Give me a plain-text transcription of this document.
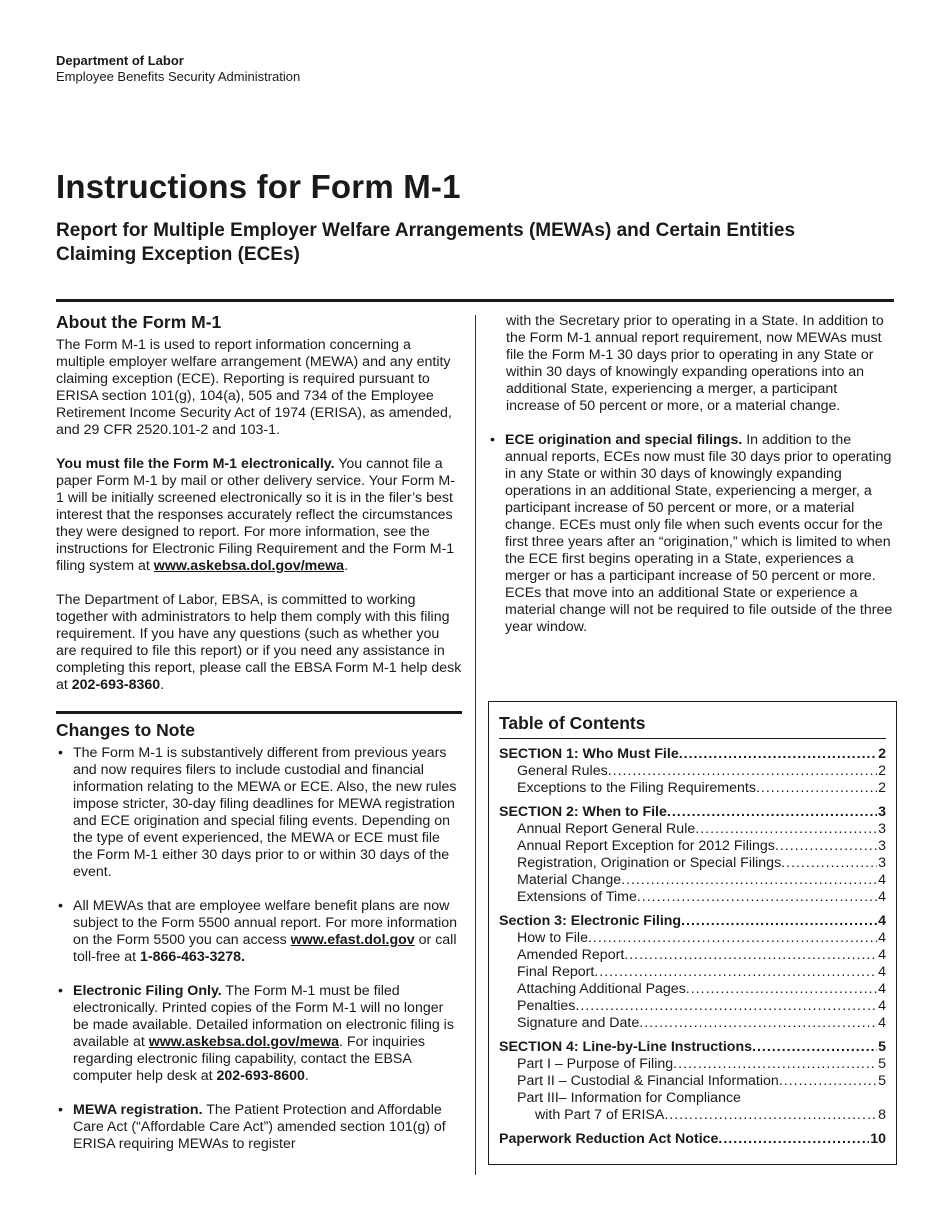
Department of Labor
Employee Benefits Security Administration
Instructions for Form M-1
Report for Multiple Employer Welfare Arrangements (MEWAs) and Certain Entities Claiming Exception (ECEs)
About the Form M-1

The Form M-1 is used to report information concerning a multiple employer welfare arrangement (MEWA) and any entity claiming exception (ECE). Reporting is required pursuant to ERISA section 101(g), 104(a), 505 and 734 of the Employee Retirement Income Security Act of 1974 (ERISA), as amended, and 29 CFR 2520.101-2 and 103-1.

You must file the Form M-1 electronically. You cannot file a paper Form M-1 by mail or other delivery service. Your Form M-1 will be initially screened electronically so it is in the filer’s best interest that the responses accurately reflect the circumstances they were designed to report. For more information, see the instructions for Electronic Filing Requirement and the Form M-1 filing system at www.askebsa.dol.gov/mewa.

The Department of Labor, EBSA, is committed to working together with administrators to help them comply with this filing requirement. If you have any questions (such as whether you are required to file this report) or if you need any assistance in completing this report, please call the EBSA Form M-1 help desk at 202-693-8360.

Changes to Note
• The Form M-1 is substantively different from previous years and now requires filers to include custodial and financial information relating to the MEWA or ECE. Also, the new rules impose stricter, 30-day filing deadlines for MEWA registration and ECE origination and special filing events. Depending on the type of event experienced, the MEWA or ECE must file the Form M-1 either 30 days prior to or within 30 days of the event.
• All MEWAs that are employee welfare benefit plans are now subject to the Form 5500 annual report. For more information on the Form 5500 you can access www.efast.dol.gov or call toll-free at 1-866-463-3278.
• Electronic Filing Only. The Form M-1 must be filed electronically. Printed copies of the Form M-1 will no longer be made available. Detailed information on electronic filing is available at www.askebsa.dol.gov/mewa. For inquiries regarding electronic filing capability, contact the EBSA computer help desk at 202-693-8600.
• MEWA registration. The Patient Protection and Affordable Care Act (“Affordable Care Act”) amended section 101(g) of ERISA requiring MEWAs to register
with the Secretary prior to operating in a State. In addition to the Form M-1 annual report requirement, now MEWAs must file the Form M-1 30 days prior to operating in any State or within 30 days of knowingly expanding operations into an additional State, experiencing a merger, a participant increase of 50 percent or more, or a material change.
• ECE origination and special filings. In addition to the annual reports, ECEs now must file 30 days prior to operating in any State or within 30 days of knowingly expanding operations in an additional State, experiencing a merger, a participant increase of 50 percent or more, or a material change. ECEs must only file when such events occur for the first three years after an “origination,” which is limited to when the ECE first begins operating in a State, experiences a merger or has a participant increase of 50 percent or more. ECEs that move into an additional State or experience a material change will not be required to file outside of the three year window.
Table of Contents
SECTION 1: Who Must File .....	2
General Rules .....	2
Exceptions to the Filing Requirements .....	2
SECTION 2: When to File .....	3
Annual Report General Rule .....	3
Annual Report Exception for 2012 Filings .....	3
Registration, Origination or Special Filings .....	3
Material Change .....	4
Extensions of Time .....	4
Section 3: Electronic Filing .....	4
How to File .....	4
Amended Report .....	4
Final Report .....	4
Attaching Additional Pages .....	4
Penalties .....	4
Signature and Date .....	4
SECTION 4: Line-by-Line Instructions .....	5
Part I – Purpose of Filing .....	5
Part II – Custodial & Financial Information .....	5
Part III– Information for Compliance
with Part 7 of ERISA .....	8
Paperwork Reduction Act Notice .....	10
